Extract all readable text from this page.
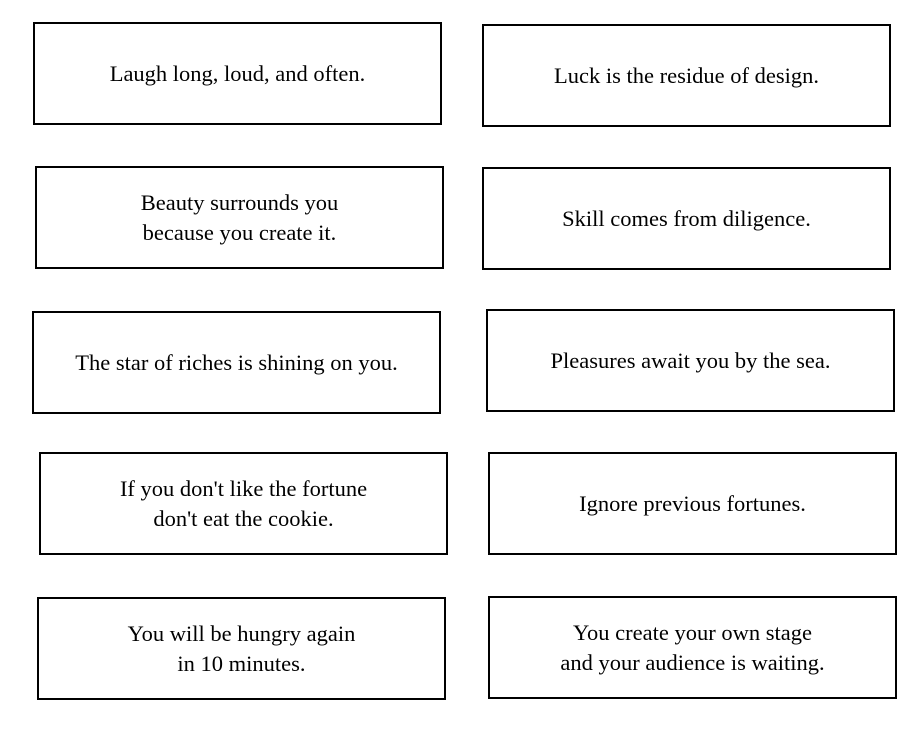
Laugh long, loud, and often.	Luck is the residue of design.

Beauty surrounds you
because you create it.

Skill comes from diligence.

The star of riches is shining on you.	Pleasures await you by the sea.

If you don't like the fortune
don't eat the cookie.

Ignore previous fortunes.

You will be hungry again
in 10 minutes.

You create your own stage
and your audience is waiting.
